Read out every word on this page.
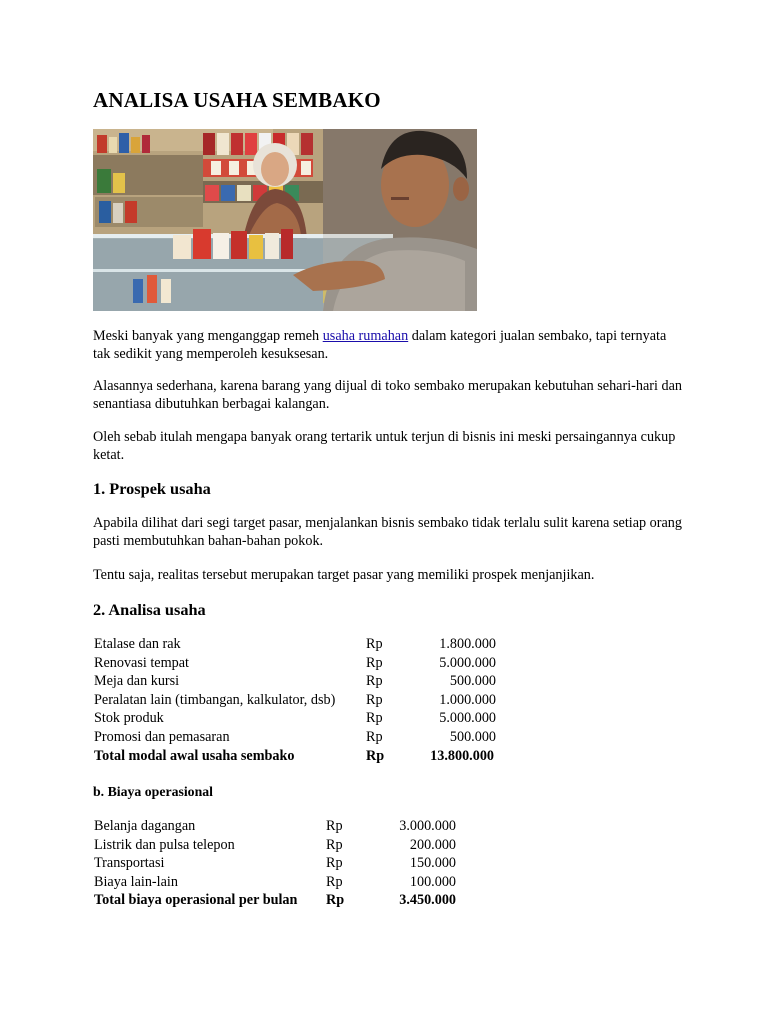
ANALISA USAHA SEMBAKO

Meski banyak yang menganggap remeh usaha rumahan dalam kategori jualan sembako, tapi ternyata tak sedikit yang memperoleh kesuksesan.

Alasannya sederhana, karena barang yang dijual di toko sembako merupakan kebutuhan sehari-hari dan senantiasa dibutuhkan berbagai kalangan.

Oleh sebab itulah mengapa banyak orang tertarik untuk terjun di bisnis ini meski persaingannya cukup ketat.

1. Prospek usaha

Apabila dilihat dari segi target pasar, menjalankan bisnis sembako tidak terlalu sulit karena setiap orang pasti membutuhkan bahan-bahan pokok.

Tentu saja, realitas tersebut merupakan target pasar yang memiliki prospek menjanjikan.

2. Analisa usaha
Etalase dan rak	Rp	1.800.000
Renovasi tempat	Rp	5.000.000
Meja dan kursi	Rp	500.000
Peralatan lain (timbangan, kalkulator, dsb)	Rp	1.000.000
Stok produk	Rp	5.000.000
Promosi dan pemasaran	Rp	500.000
Total modal awal usaha sembako	Rp	13.800.000
b. Biaya operasional
Belanja dagangan	Rp	3.000.000
Listrik dan pulsa telepon	Rp	200.000
Transportasi	Rp	150.000
Biaya lain-lain	Rp	100.000
Total biaya operasional per bulan	Rp	3.450.000
